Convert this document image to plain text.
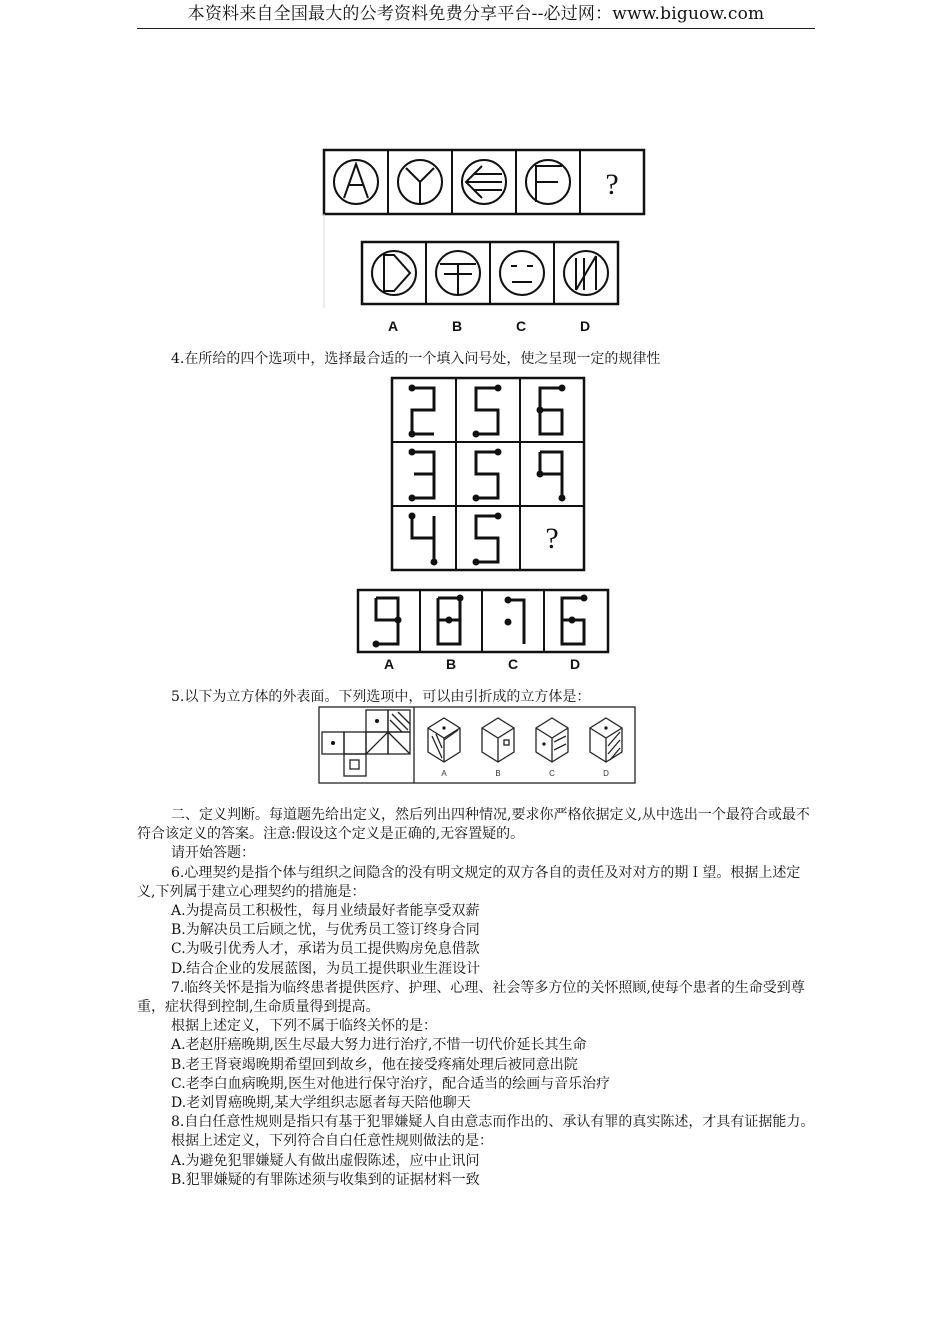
本资料来自全国最大的公考资料免费分享平台--必过网：www.biguow.com
?
A	B	C	D
4.在所给的四个选项中，选择最合适的一个填入问号处，使之呈现一定的规律性
?
A	B	C	D
5.以下为立方体的外表面。下列选项中，可以由引折成的立方体是：
A	B	C	D

二、定义判断。每道题先给出定义，然后列出四种情况,要求你严格依据定义,从中选出一个最符合或最不符合该定义的答案。注意:假设这个定义是正确的,无容置疑的。

请开始答题：

6.心理契约是指个体与组织之间隐含的没有明文规定的双方各自的责任及对对方的期Ｉ望。根据上述定义,下列属于建立心理契约的措施是：

A.为提高员工积极性，每月业绩最好者能享受双薪

B.为解决员工后顾之忧，与优秀员工签订终身合同

C.为吸引优秀人才，承诺为员工提供购房免息借款

D.结合企业的发展蓝图，为员工提供职业生涯设计

7.临终关怀是指为临终患者提供医疗、护理、心理、社会等多方位的关怀照顾,使每个患者的生命受到尊重，症状得到控制,生命质量得到提高。

根据上述定义，下列不属于临终关怀的是：

A.老赵肝癌晚期,医生尽最大努力进行治疗,不惜一切代价延长其生命

B.老王肾衰竭晚期希望回到故乡，他在接受疼痛处理后被同意出院

C.老李白血病晚期,医生对他进行保守治疗，配合适当的绘画与音乐治疗

D.老刘胃癌晚期,某大学组织志愿者每天陪他聊天

8.自白任意性规则是指只有基于犯罪嫌疑人自由意志而作出的、承认有罪的真实陈述，才具有证据能力。

根据上述定义，下列符合自白任意性规则做法的是：

A.为避免犯罪嫌疑人有做出虚假陈述，应中止讯问

B.犯罪嫌疑的有罪陈述须与收集到的证据材料一致
